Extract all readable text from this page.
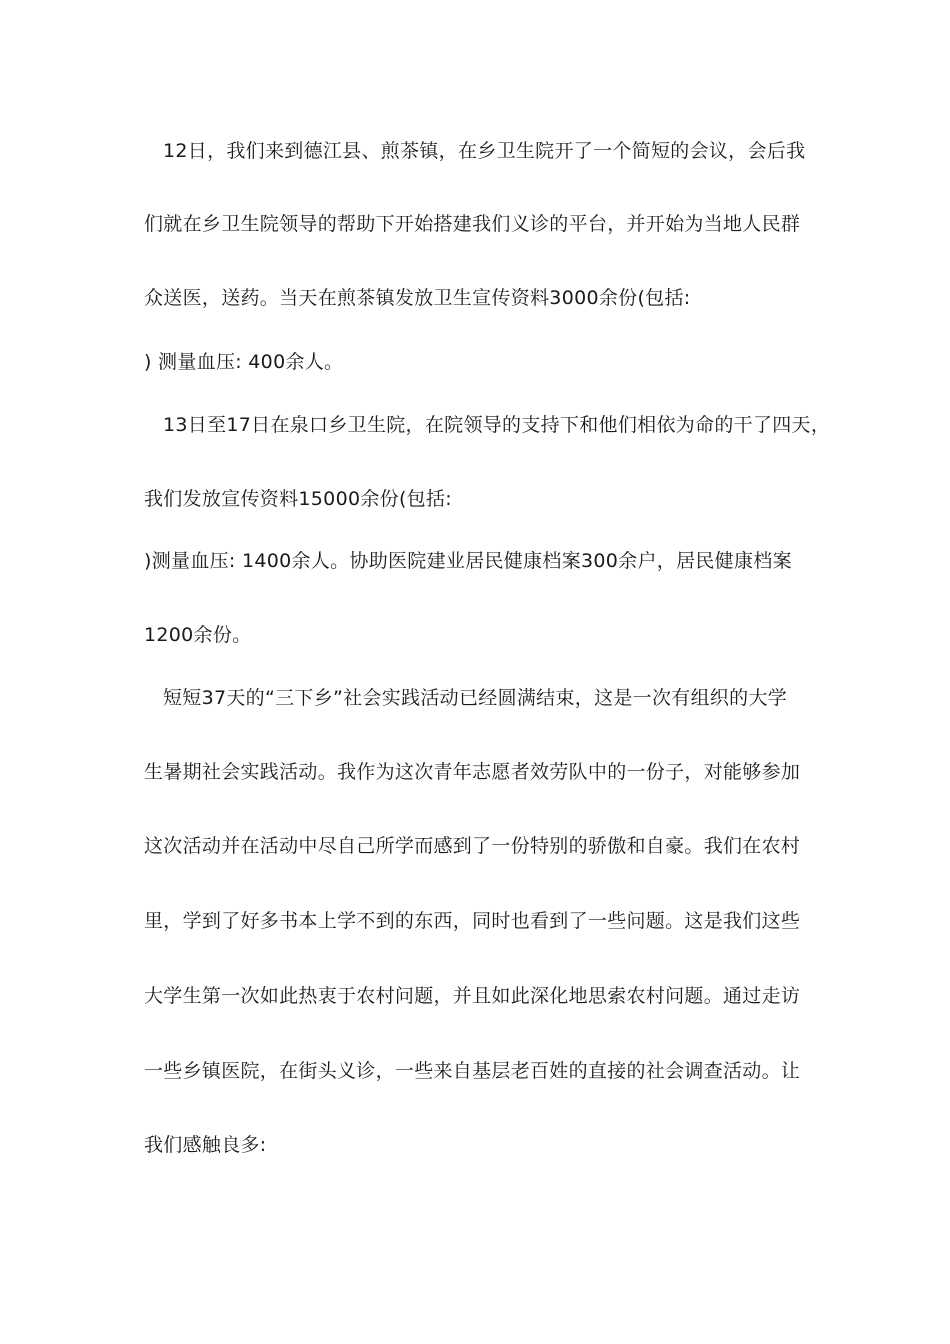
12日，我们来到德江县、煎茶镇，在乡卫生院开了一个简短的会议，会后我
们就在乡卫生院领导的帮助下开始搭建我们义诊的平台，并开始为当地人民群
众送医，送药。当天在煎茶镇发放卫生宣传资料3000余份(包括:
) 测量血压: 400余人。
13日至17日在泉口乡卫生院，在院领导的支持下和他们相依为命的干了四天，
我们发放宣传资料15000余份(包括:
)测量血压: 1400余人。协助医院建业居民健康档案300余户，居民健康档案
1200余份。
短短37天的“三下乡”社会实践活动已经圆满结束，这是一次有组织的大学
生暑期社会实践活动。我作为这次青年志愿者效劳队中的一份子，对能够参加
这次活动并在活动中尽自己所学而感到了一份特别的骄傲和自豪。我们在农村
里，学到了好多书本上学不到的东西，同时也看到了一些问题。这是我们这些
大学生第一次如此热衷于农村问题，并且如此深化地思索农村问题。通过走访
一些乡镇医院，在街头义诊，一些来自基层老百姓的直接的社会调查活动。让
我们感触良多:
